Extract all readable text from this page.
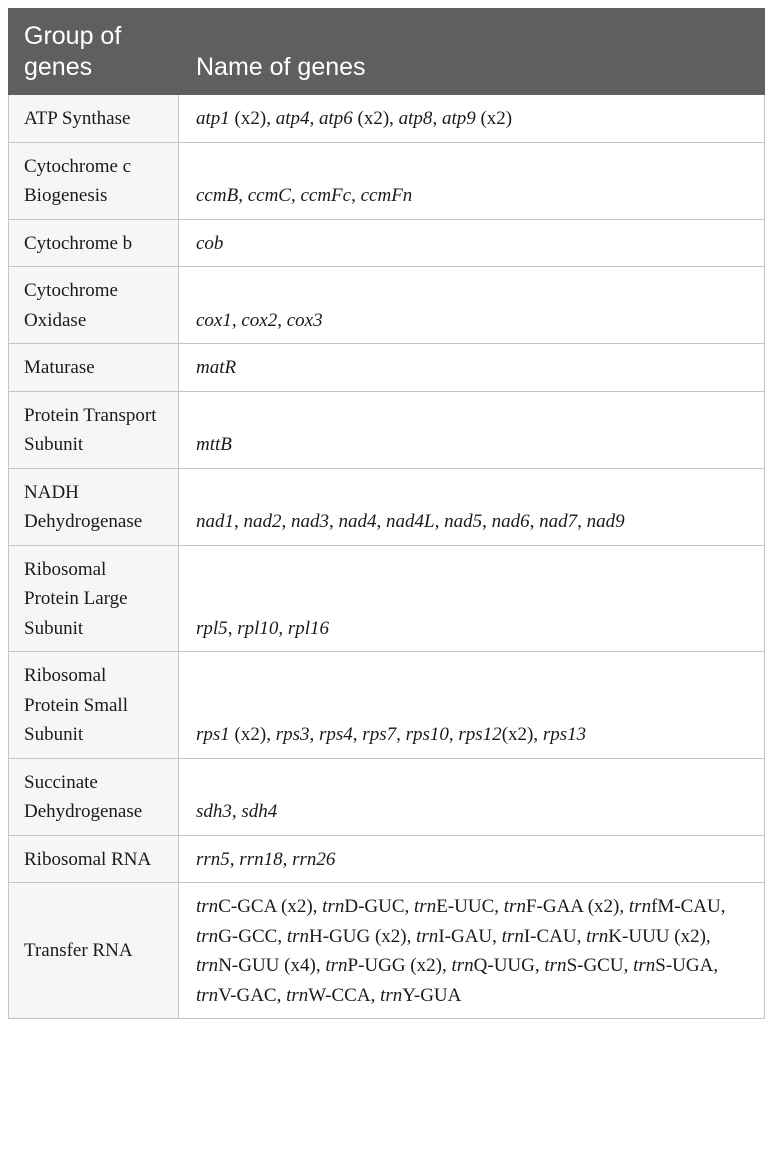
Group of genes	Name of genes
ATP Synthase	atp1 (x2), atp4, atp6 (x2), atp8, atp9 (x2)
Cytochrome c Biogenesis	ccmB, ccmC, ccmFc, ccmFn
Cytochrome b	cob
Cytochrome Oxidase	cox1, cox2, cox3
Maturase	matR
Protein Transport Subunit	mttB
NADH Dehydrogenase	nad1, nad2, nad3, nad4, nad4L, nad5, nad6, nad7, nad9
Ribosomal Protein Large Subunit	rpl5, rpl10, rpl16
Ribosomal Protein Small Subunit	rps1 (x2), rps3, rps4, rps7, rps10, rps12(x2), rps13
Succinate Dehydrogenase	sdh3, sdh4
Ribosomal RNA	rrn5, rrn18, rrn26
Transfer RNA	trnC-GCA (x2), trnD-GUC, trnE-UUC, trnF-GAA (x2), trnfM-CAU, trnG-GCC, trnH-GUG (x2), trnI-GAU, trnI-CAU, trnK-UUU (x2), trnN-GUU (x4), trnP-UGG (x2), trnQ-UUG, trnS-GCU, trnS-UGA, trnV-GAC, trnW-CCA, trnY-GUA
